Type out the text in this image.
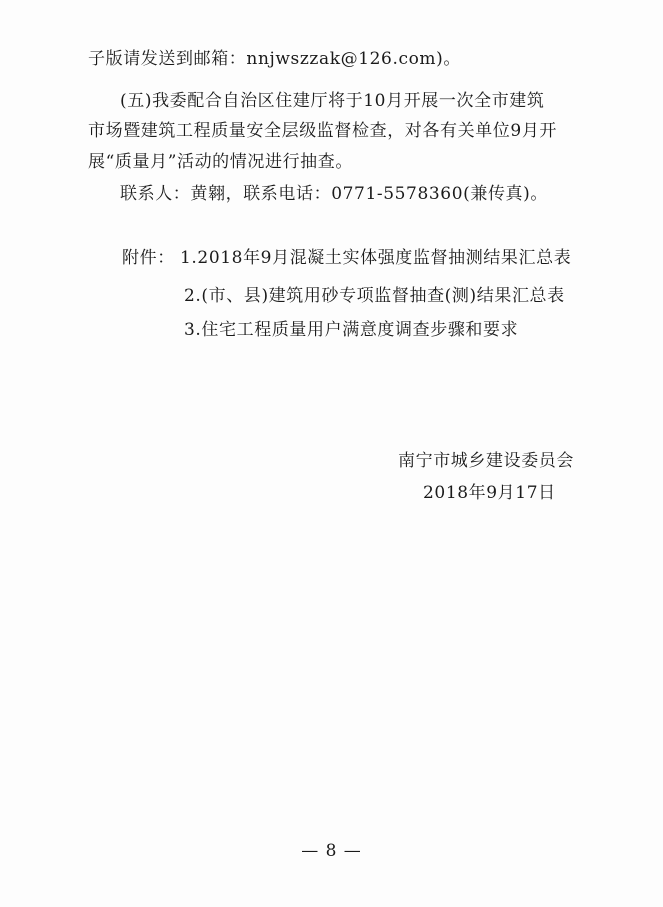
子版请发送到邮箱：nnjwszzak@126.com)。
(五)我委配合自治区住建厅将于10月开展一次全市建筑
市场暨建筑工程质量安全层级监督检查，对各有关单位9月开
展“质量月”活动的情况进行抽查。
联系人：黄翱，联系电话：0771-5578360(兼传真)。
附件： 1.2018年9月混凝土实体强度监督抽测结果汇总表
2.(市、县)建筑用砂专项监督抽查(测)结果汇总表
3.住宅工程质量用户满意度调查步骤和要求
南宁市城乡建设委员会
2018年9月17日
— 8 —
